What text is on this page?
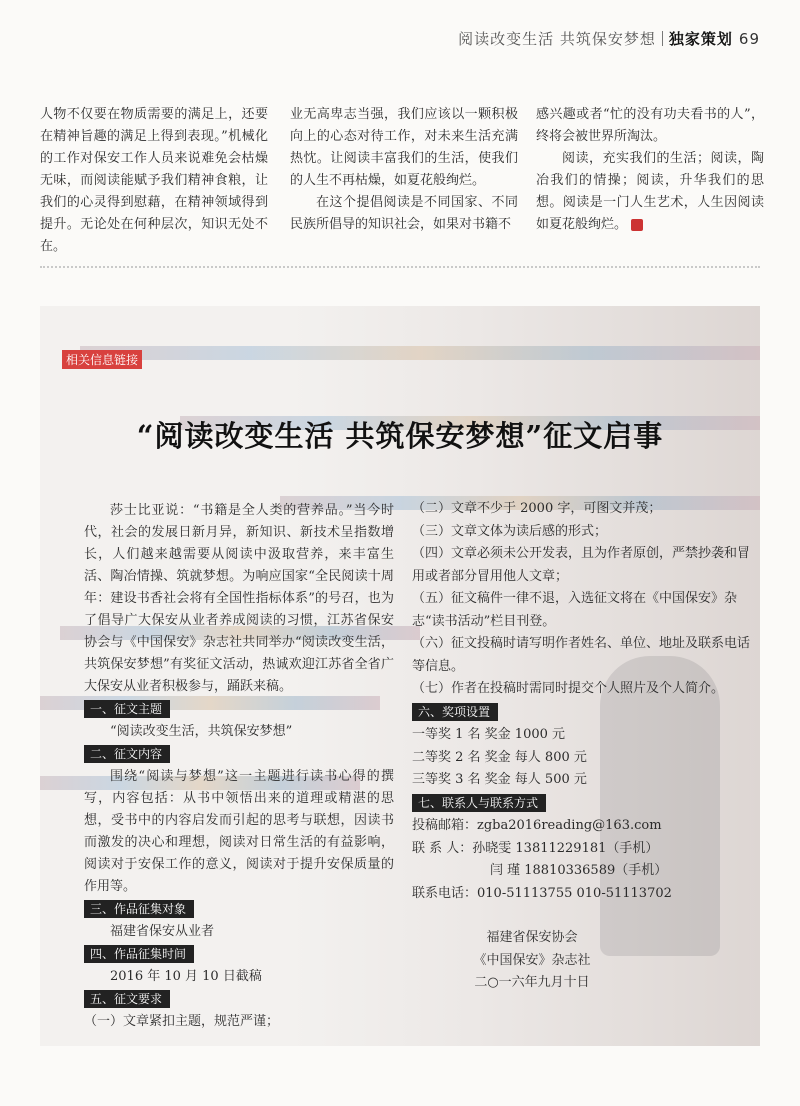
阅读改变生活 共筑保安梦想 独家策划 69

人物不仅要在物质需要的满足上，还要在精神旨趣的满足上得到表现。”机械化的工作对保安工作人员来说难免会枯燥无味，而阅读能赋予我们精神食粮，让我们的心灵得到慰藉，在精神领域得到提升。无论处在何种层次，知识无处不在。

业无高卑志当强，我们应该以一颗积极向上的心态对待工作，对未来生活充满热忱。让阅读丰富我们的生活，使我们的人生不再枯燥，如夏花般绚烂。

在这个提倡阅读是不同国家、不同民族所倡导的知识社会，如果对书籍不

感兴趣或者“忙的没有功夫看书的人”，终将会被世界所淘汰。

阅读，充实我们的生活；阅读，陶冶我们的情操；阅读，升华我们的思想。阅读是一门人生艺术，人生因阅读如夏花般绚烂。

相关信息链接
“阅读改变生活 共筑保安梦想”征文启事

莎士比亚说：“书籍是全人类的营养品。”当今时代，社会的发展日新月异，新知识、新技术呈指数增长，人们越来越需要从阅读中汲取营养，来丰富生活、陶冶情操、筑就梦想。为响应国家“全民阅读十周年：建设书香社会将有全国性指标体系”的号召，也为了倡导广大保安从业者养成阅读的习惯，江苏省保安协会与《中国保安》杂志社共同举办“阅读改变生活，共筑保安梦想”有奖征文活动，热诚欢迎江苏省全省广大保安从业者积极参与，踊跃来稿。

一、征文主题

“阅读改变生活，共筑保安梦想”

二、征文内容

围绕“阅读与梦想”这一主题进行读书心得的撰写，内容包括：从书中领悟出来的道理或精湛的思想，受书中的内容启发而引起的思考与联想，因读书而激发的决心和理想，阅读对日常生活的有益影响，阅读对于安保工作的意义，阅读对于提升安保质量的作用等。

三、作品征集对象

福建省保安从业者

四、作品征集时间

2016 年 10 月 10 日截稿

五、征文要求

（一）文章紧扣主题，规范严谨；

（二）文章不少于 2000 字，可图文并茂；

（三）文章文体为读后感的形式；

（四）文章必须未公开发表，且为作者原创，严禁抄袭和冒用或者部分冒用他人文章；

（五）征文稿件一律不退，入选征文将在《中国保安》杂志“读书活动”栏目刊登。

（六）征文投稿时请写明作者姓名、单位、地址及联系电话等信息。

（七）作者在投稿时需同时提交个人照片及个人简介。

六、奖项设置

一等奖 1 名 奖金 1000 元

二等奖 2 名 奖金 每人 800 元

三等奖 3 名 奖金 每人 500 元

七、联系人与联系方式

投稿邮箱：zgba2016reading@163.com

联 系 人：孙晓雯 13811229181（手机）

闫 瑾 18810336589（手机）

联系电话：010-51113755 010-51113702

福建省保安协会

《中国保安》杂志社

二○一六年九月十日
